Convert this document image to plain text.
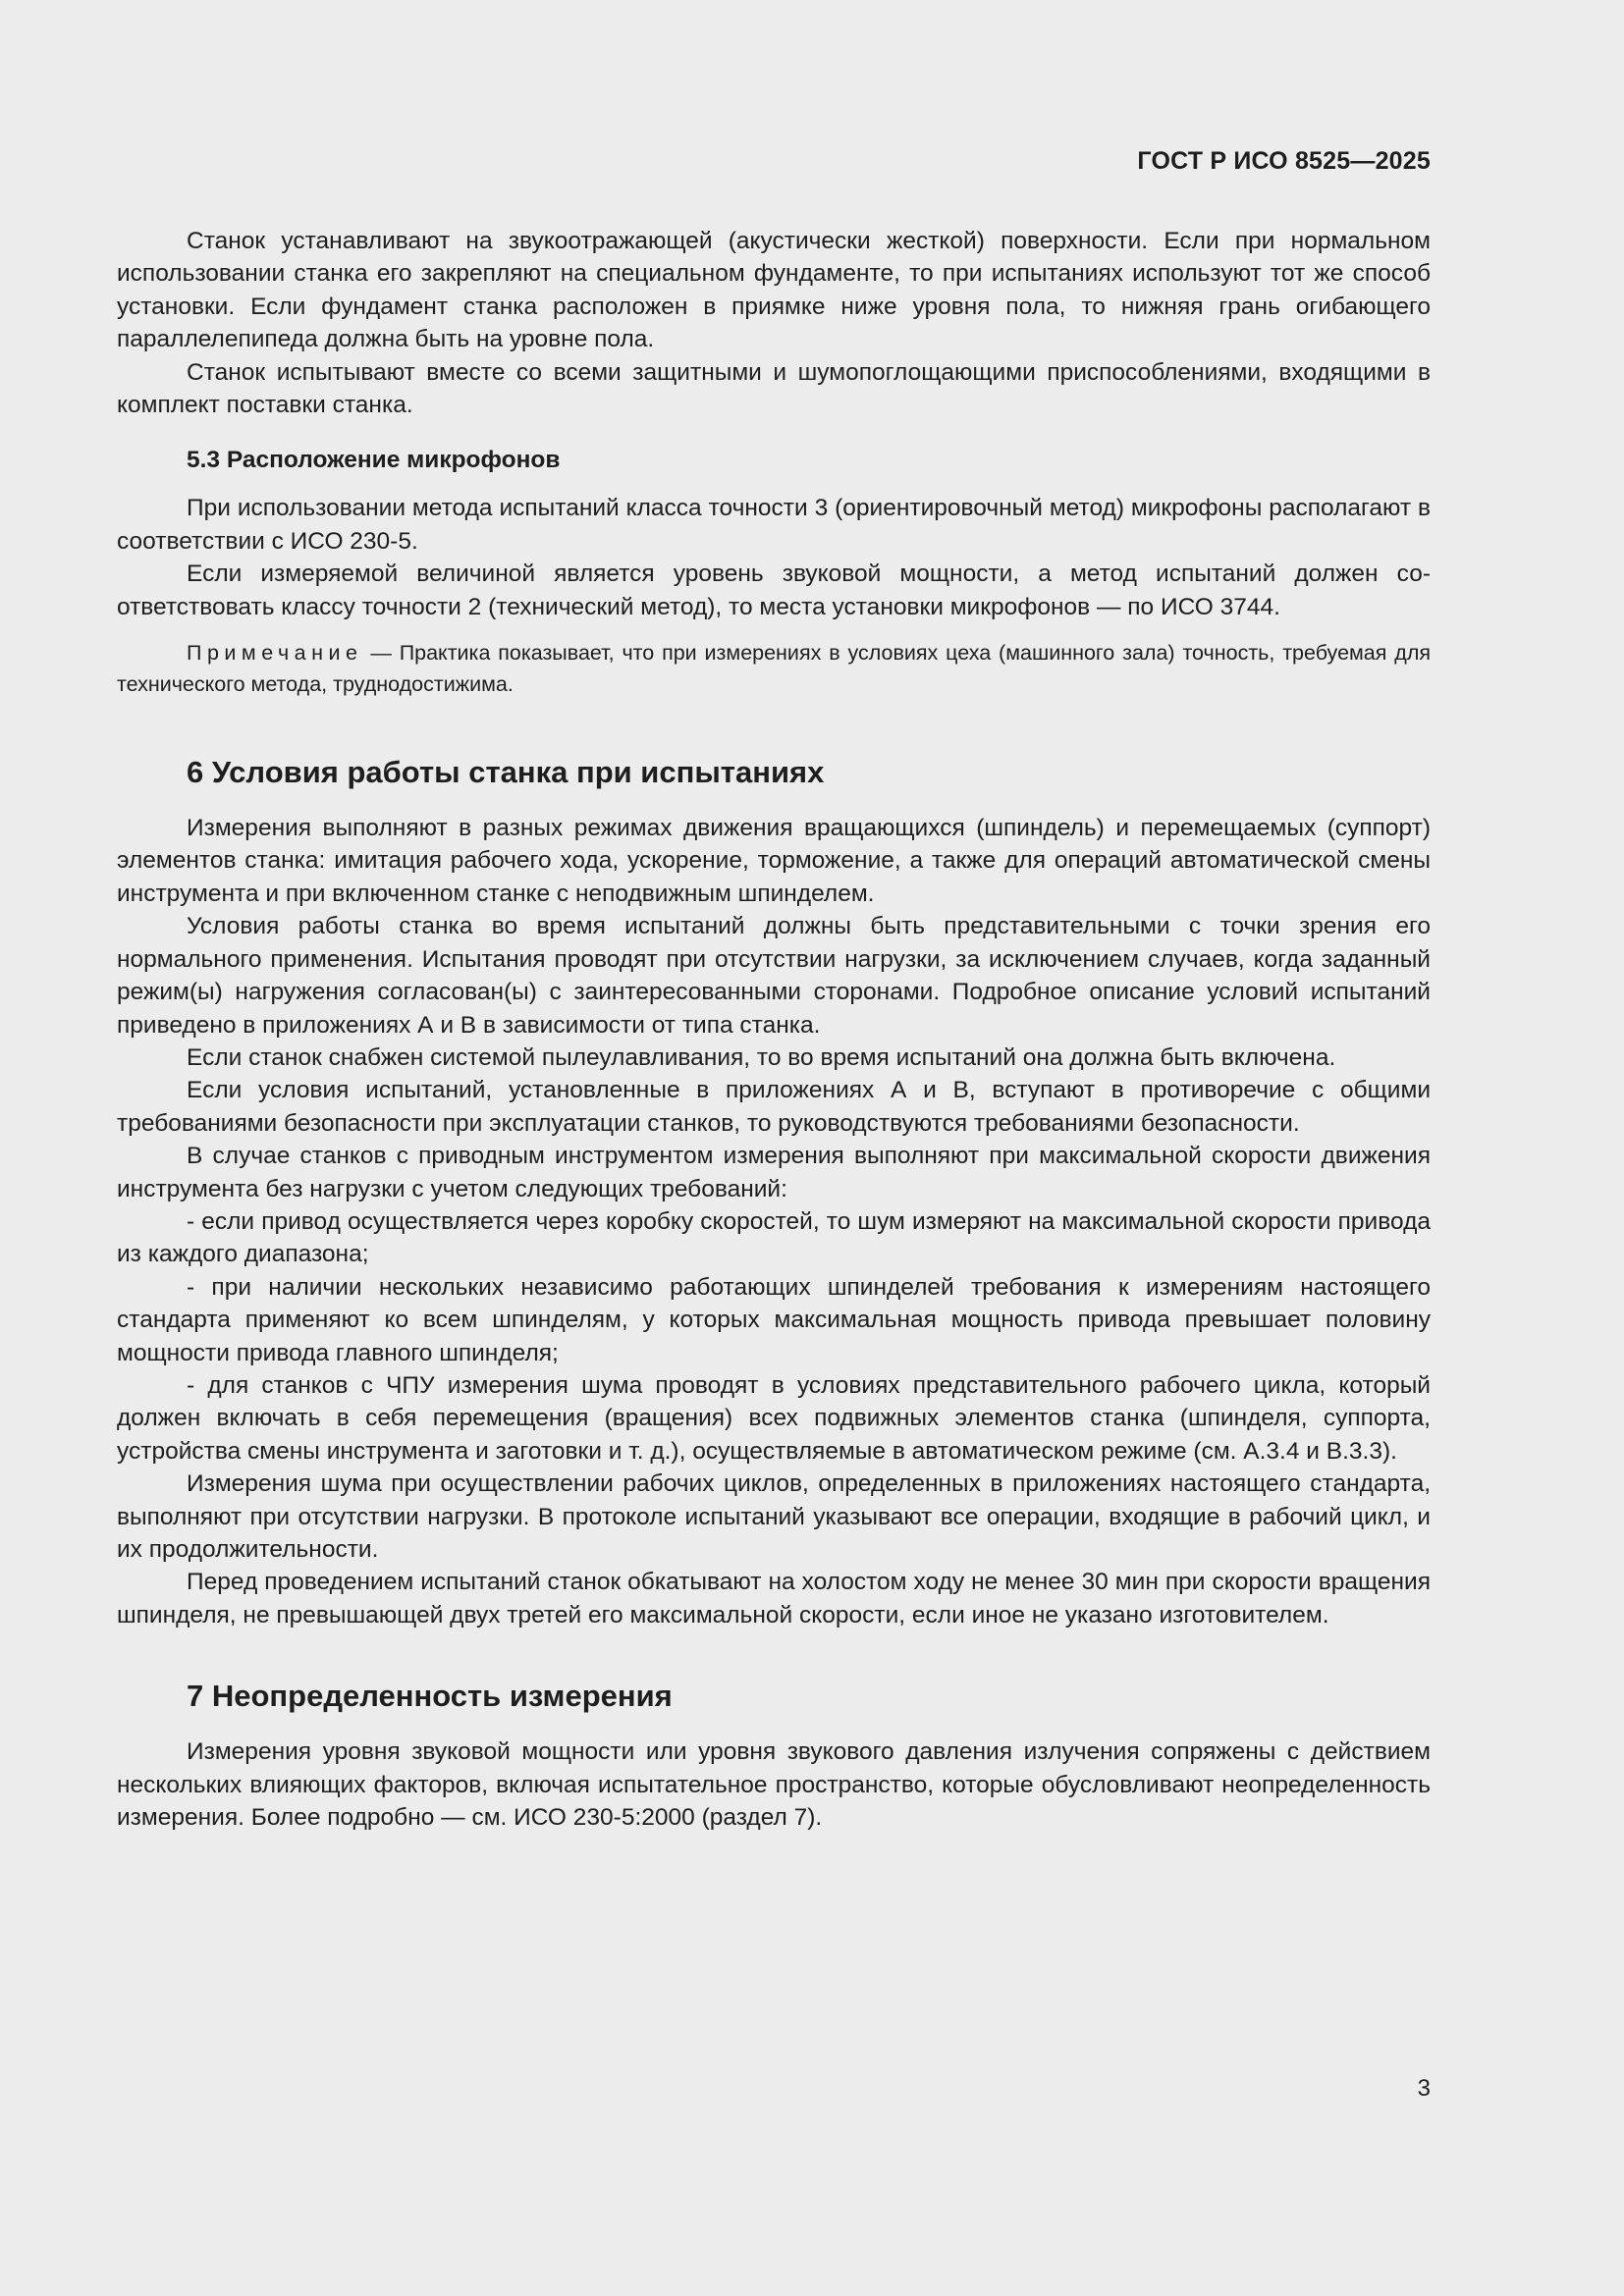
ГОСТ Р ИСО 8525—2025

Станок устанавливают на звукоотражающей (акустически жесткой) поверхности. Если при нормальном использовании станка его закрепляют на специальном фундаменте, то при испытаниях используют тот же способ установки. Если фундамент станка расположен в приямке ниже уровня пола, то нижняя грань огибающего параллелепипеда должна быть на уровне пола.

Станок испытывают вместе со всеми защитными и шумопоглощающими приспособлениями, входящими в комплект поставки станка.

5.3 Расположение микрофонов

При использовании метода испытаний класса точности 3 (ориентировочный метод) микрофоны располагают в соответствии с ИСО 230-5.

Если измеряемой величиной является уровень звуковой мощности, а метод испытаний должен соответствовать классу точности 2 (технический метод), то места установки микрофонов — по ИСО 3744.

Примечание — Практика показывает, что при измерениях в условиях цеха (машинного зала) точность, требуемая для технического метода, труднодостижима.

6 Условия работы станка при испытаниях

Измерения выполняют в разных режимах движения вращающихся (шпиндель) и перемещаемых (суппорт) элементов станка: имитация рабочего хода, ускорение, торможение, а также для операций автоматической смены инструмента и при включенном станке с неподвижным шпинделем.

Условия работы станка во время испытаний должны быть представительными с точки зрения его нормального применения. Испытания проводят при отсутствии нагрузки, за исключением случаев, когда заданный режим(ы) нагружения согласован(ы) с заинтересованными сторонами. Подробное описание условий испытаний приведено в приложениях А и В в зависимости от типа станка.

Если станок снабжен системой пылеулавливания, то во время испытаний она должна быть включена.

Если условия испытаний, установленные в приложениях А и В, вступают в противоречие с общими требованиями безопасности при эксплуатации станков, то руководствуются требованиями безопасности.

В случае станков с приводным инструментом измерения выполняют при максимальной скорости движения инструмента без нагрузки с учетом следующих требований:

- если привод осуществляется через коробку скоростей, то шум измеряют на максимальной скорости привода из каждого диапазона;

- при наличии нескольких независимо работающих шпинделей требования к измерениям настоящего стандарта применяют ко всем шпинделям, у которых максимальная мощность привода превышает половину мощности привода главного шпинделя;

- для станков с ЧПУ измерения шума проводят в условиях представительного рабочего цикла, который должен включать в себя перемещения (вращения) всех подвижных элементов станка (шпинделя, суппорта, устройства смены инструмента и заготовки и т. д.), осуществляемые в автоматическом режиме (см. А.3.4 и В.3.3).

Измерения шума при осуществлении рабочих циклов, определенных в приложениях настоящего стандарта, выполняют при отсутствии нагрузки. В протоколе испытаний указывают все операции, входящие в рабочий цикл, и их продолжительности.

Перед проведением испытаний станок обкатывают на холостом ходу не менее 30 мин при скорости вращения шпинделя, не превышающей двух третей его максимальной скорости, если иное не указано изготовителем.

7 Неопределенность измерения

Измерения уровня звуковой мощности или уровня звукового давления излучения сопряжены с действием нескольких влияющих факторов, включая испытательное пространство, которые обусловливают неопределенность измерения. Более подробно — см. ИСО 230-5:2000 (раздел 7).

3
